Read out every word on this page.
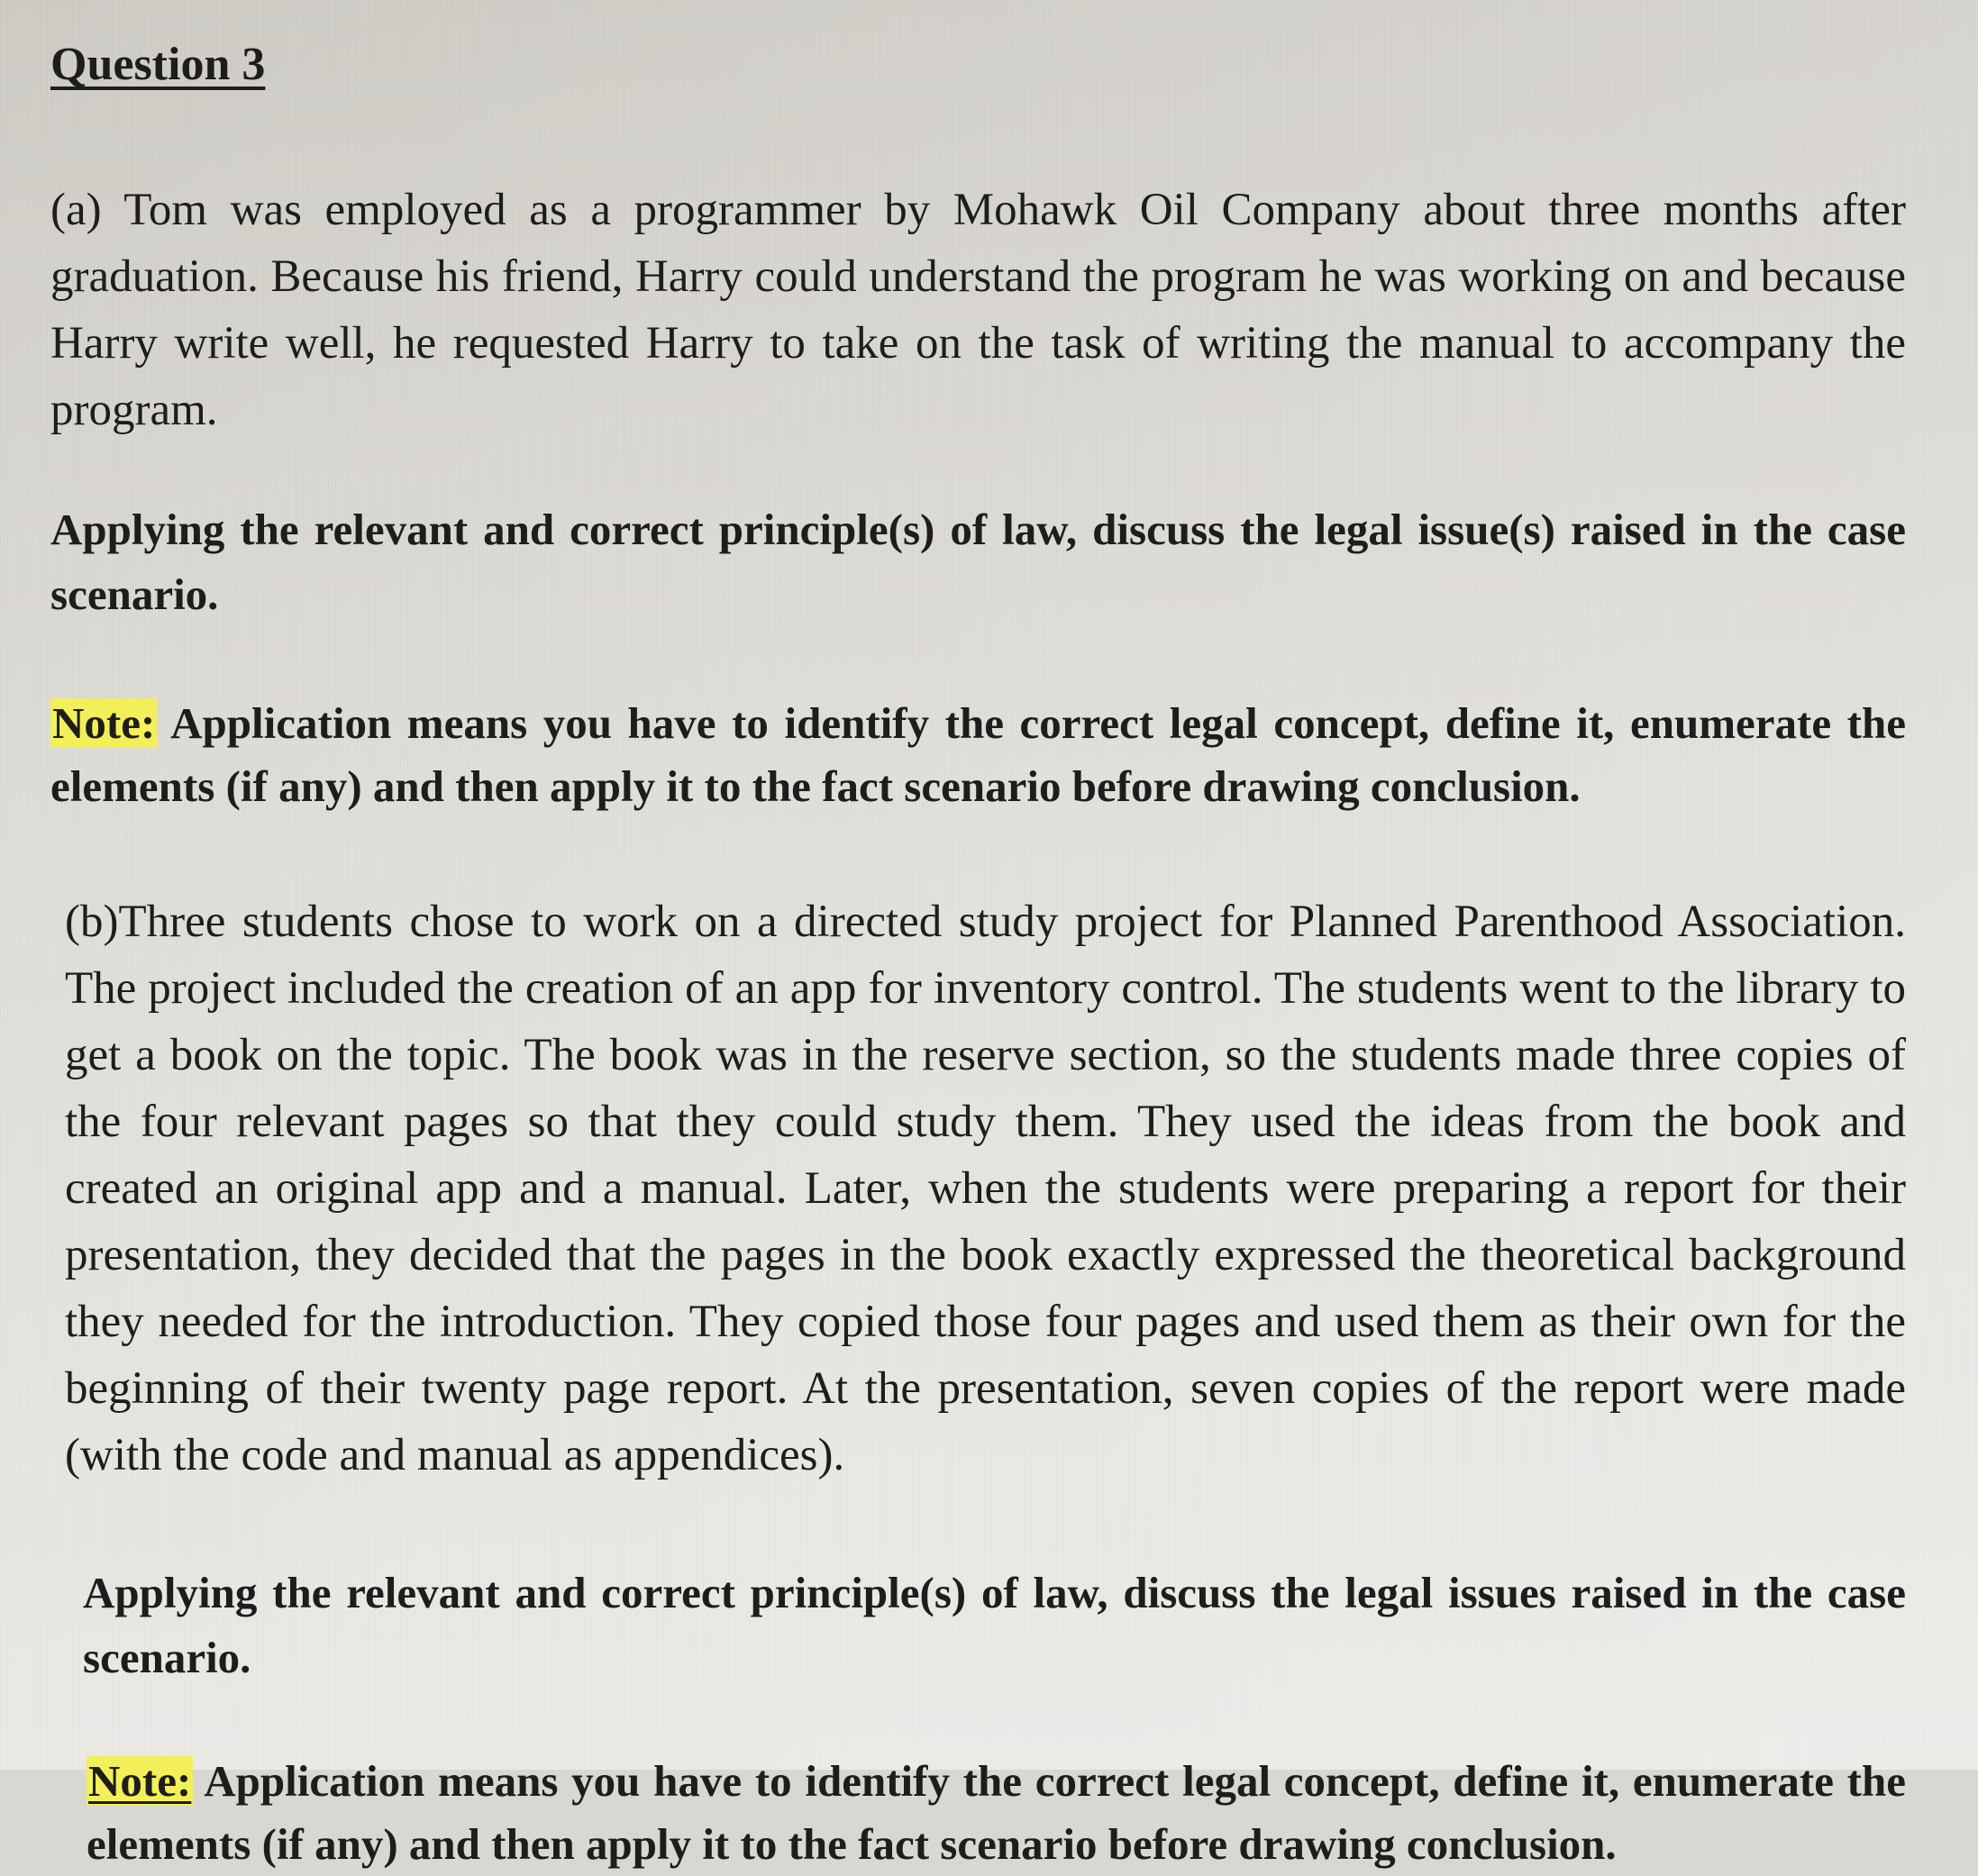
Question 3

(a) Tom was employed as a programmer by Mohawk Oil Company about three months after graduation. Because his friend, Harry could understand the program he was working on and because Harry write well, he requested Harry to take on the task of writing the manual to accompany the program.

Applying the relevant and correct principle(s) of law, discuss the legal issue(s) raised in the case scenario.

Note: Application means you have to identify the correct legal concept, define it, enumerate the elements (if any) and then apply it to the fact scenario before drawing conclusion.

(b)Three students chose to work on a directed study project for Planned Parenthood Association. The project included the creation of an app for inventory control. The students went to the library to get a book on the topic. The book was in the reserve section, so the students made three copies of the four relevant pages so that they could study them. They used the ideas from the book and created an original app and a manual. Later, when the students were preparing a report for their presentation, they decided that the pages in the book exactly expressed the theoretical background they needed for the introduction. They copied those four pages and used them as their own for the beginning of their twenty page report. At the presentation, seven copies of the report were made (with the code and manual as appendices).

Applying the relevant and correct principle(s) of law, discuss the legal issues raised in the case scenario.

Note: Application means you have to identify the correct legal concept, define it, enumerate the elements (if any) and then apply it to the fact scenario before drawing conclusion.
